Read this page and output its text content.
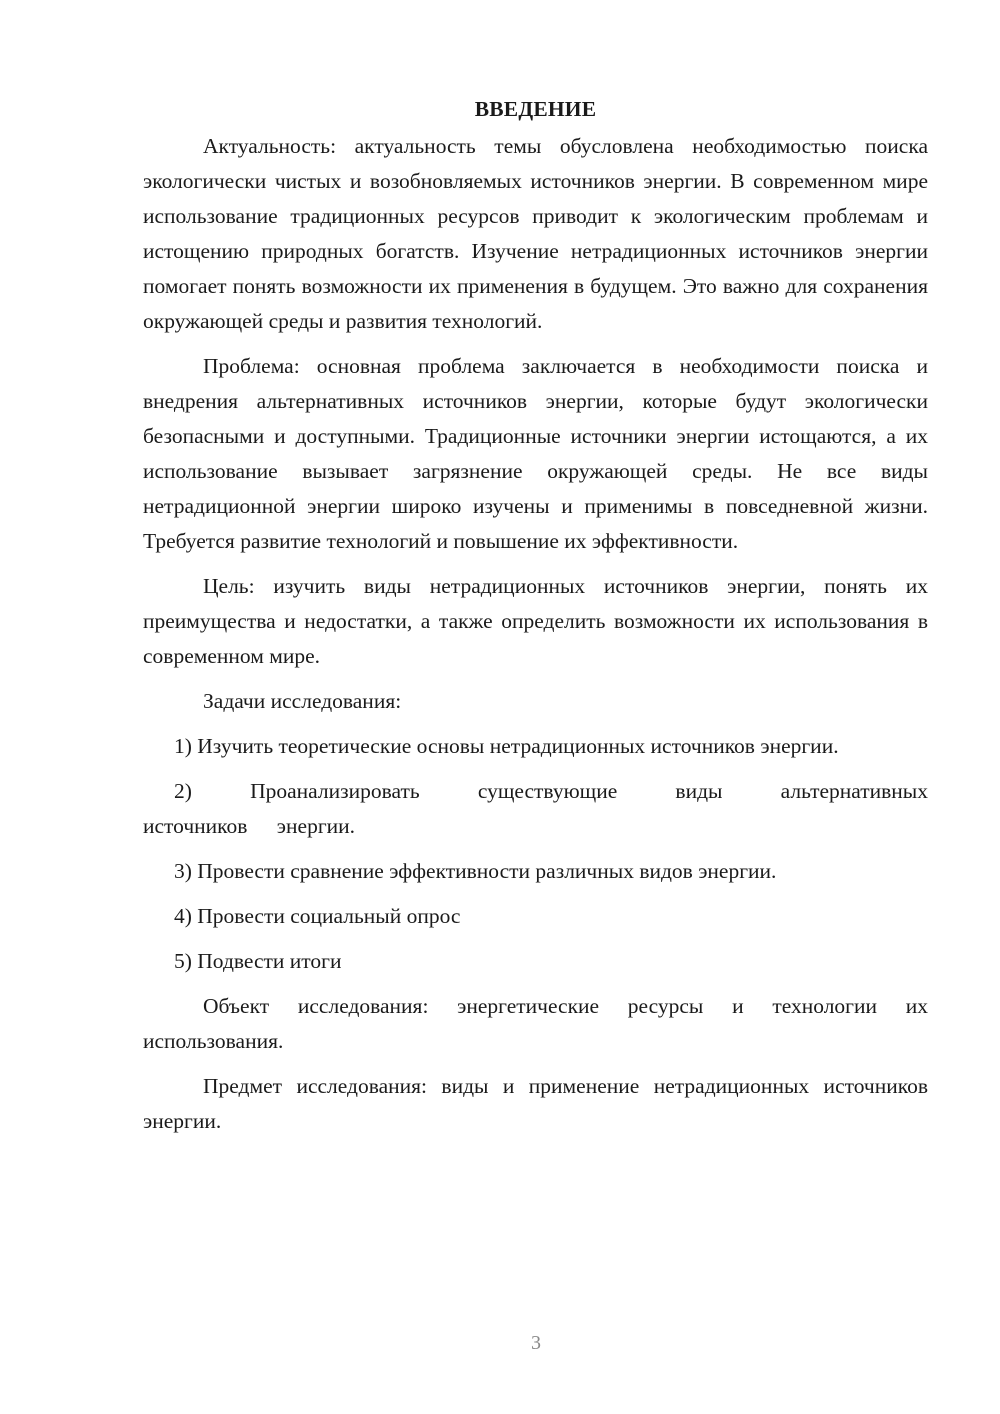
ВВЕДЕНИЕ

Актуальность: актуальность темы обусловлена необходимостью поиска экологически чистых и возобновляемых источников энергии. В современном мире использование традиционных ресурсов приводит к экологическим проблемам и истощению природных богатств. Изучение нетрадиционных источников энергии помогает понять возможности их применения в будущем. Это важно для сохранения окружающей среды и развития технологий.

Проблема: основная проблема заключается в необходимости поиска и внедрения альтернативных источников энергии, которые будут экологически безопасными и доступными. Традиционные источники энергии истощаются, а их использование вызывает загрязнение окружающей среды. Не все виды нетрадиционной энергии широко изучены и применимы в повседневной жизни. Требуется развитие технологий и повышение их эффективности.

Цель: изучить виды нетрадиционных источников энергии, понять их преимущества и недостатки, а также определить возможности их использования в современном мире.

Задачи исследования:

1) Изучить теоретические основы нетрадиционных источников энергии.

2) Проанализировать существующие виды альтернативных источников энергии.

3) Провести сравнение эффективности различных видов энергии.

4) Провести социальный опрос

5) Подвести итоги

Объект исследования: энергетические ресурсы и технологии их использования.

Предмет исследования: виды и применение нетрадиционных источников энергии.

3
